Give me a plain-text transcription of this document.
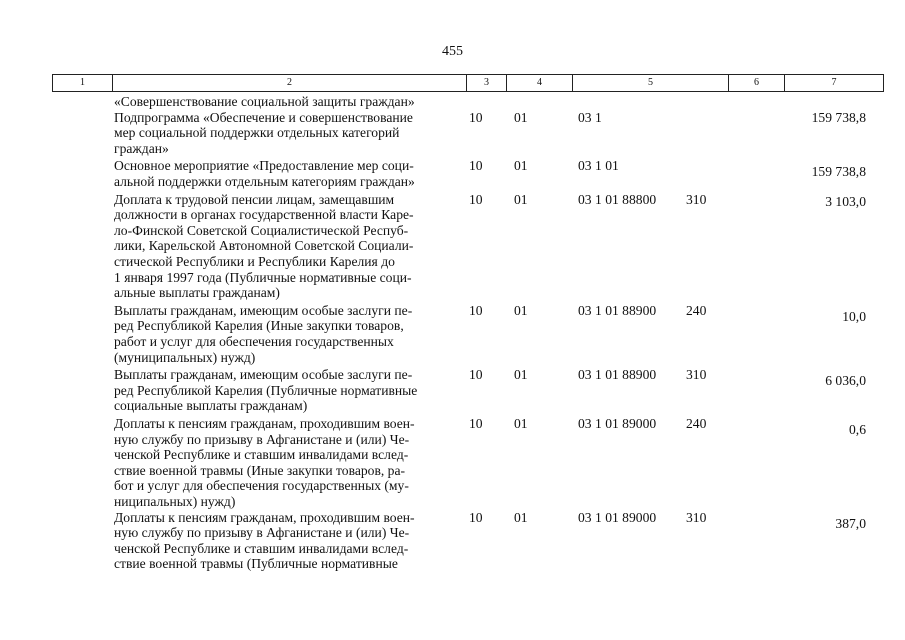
455
1	2	3	4	5	6	7
«Совершенствование социальной защиты граждан»
Подпрограмма «Обеспечение и совершенствование
мер социальной поддержки отдельных категорий
граждан»
10 01	03 1	159 738,8
Основное мероприятие «Предоставление мер соци-
альной поддержки отдельным категориям граждан»
10 01	03 1 01	159 738,8
Доплата к трудовой пенсии лицам, замещавшим
должности в органах государственной власти Каре-
ло-Финской Советской Социалистической Респуб-
лики, Карельской Автономной Советской Социали-
стической Республики и Республики Карелия до
1 января 1997 года (Публичные нормативные соци-
альные выплаты гражданам)
10 01	03 1 01 88800 310	3 103,0
Выплаты гражданам, имеющим особые заслуги пе-
ред Республикой Карелия (Иные закупки товаров,
работ и услуг для обеспечения государственных
(муниципальных) нужд)
10 01	03 1 01 88900 240	10,0
Выплаты гражданам, имеющим особые заслуги пе-
ред Республикой Карелия (Публичные нормативные
социальные выплаты гражданам)
10 01	03 1 01 88900 310	6 036,0
Доплаты к пенсиям гражданам, проходившим воен-
ную службу по призыву в Афганистане и (или) Че-
ченской Республике и ставшим инвалидами вслед-
ствие военной травмы (Иные закупки товаров, ра-
бот и услуг для обеспечения государственных (му-
ниципальных) нужд)
10 01	03 1 01 89000 240	0,6
Доплаты к пенсиям гражданам, проходившим воен-
ную службу по призыву в Афганистане и (или) Че-
ченской Республике и ставшим инвалидами вслед-
ствие военной травмы (Публичные нормативные
10 01	03 1 01 89000 310	387,0
